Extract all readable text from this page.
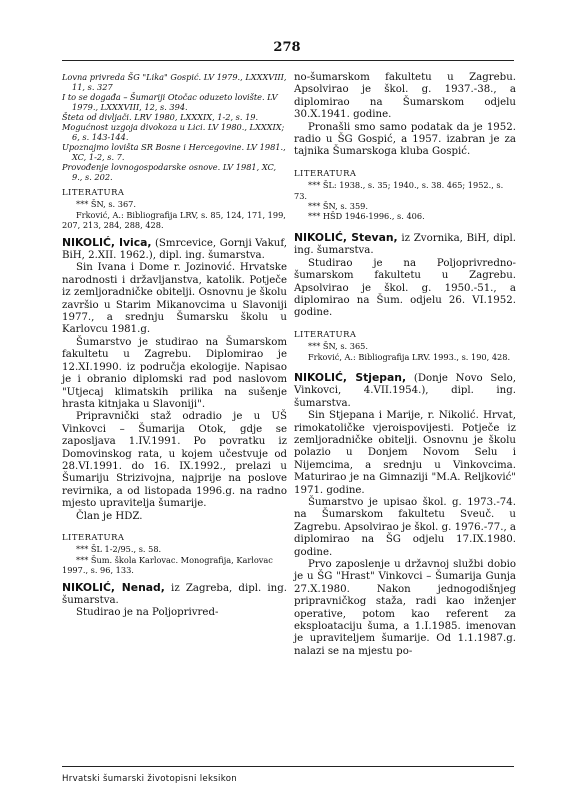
278

Lovna privreda ŠG "Lika" Gospić. LV 1979., LXXXVIII, 11, s. 327

I to se događa – Šumariji Otočac oduzeto lovište. LV 1979., LXXXVIII, 12, s. 394.

Šteta od divljači. LRV 1980, LXXXIX, 1-2, s. 19.

Mogućnost uzgoja divokoza u Lici. LV 1980., LXXXIX; 6, s. 143-144.

Upoznajmo lovišta SR Bosne i Hercegovine. LV 1981., XC, 1-2, s. 7.

Provođenje lovnogospodarske osnove. LV 1981, XC, 9., s. 202.

LITERATURA

*** ŠN, s. 367.

Frković, A.: Bibliografija LRV, s. 85, 124, 171, 199, 207, 213, 284, 288, 428.

NIKOLIĆ, Ivica, (Smrcevice, Gornji Vakuf, BiH, 2.XII. 1962.), dipl. ing. šumarstva.

Sin Ivana i Dome r. Jozinović. Hrvatske narodnosti i državljanstva, katolik. Potječe iz zemljoradničke obitelji. Osnovnu je školu završio u Starim Mikanovcima u Slavoniji 1977., a srednju Šumarsku školu u Karlovcu 1981.g.

Šumarstvo je studirao na Šumarskom fakultetu u Zagrebu. Diplomirao je 12.XI.1990. iz područja ekologije. Napisao je i obranio diplomski rad pod naslovom "Utjecaj klimatskih prilika na sušenje hrasta kitnjaka u Slavoniji".

Pripravnički staž odradio je u UŠ Vinkovci – Šumarija Otok, gdje se zaposljava 1.IV.1991. Po povratku iz Domovinskog rata, u kojem učestvuje od 28.VI.1991. do 16. IX.1992., prelazi u Šumariju Strizivojna, najprije na poslove revirnika, a od listopada 1996.g. na radno mjesto upravitelja šumarije.

Član je HDZ.

LITERATURA

*** ŠL 1-2/95., s. 58.

*** Šum. škola Karlovac. Monografija, Karlovac 1997., s. 96, 133.

NIKOLIĆ, Nenad, iz Zagreba, dipl. ing. šumarstva.

Studirao je na Poljoprivred-

no-šumarskom fakultetu u Zagrebu. Apsolvirao je škol. g. 1937.-38., a diplomirao na Šumarskom odjelu 30.X.1941. godine.

Pronašli smo samo podatak da je 1952. radio u ŠG Gospić, a 1957. izabran je za tajnika Šumarskoga kluba Gospić.

LITERATURA

*** ŠL: 1938., s. 35; 1940., s. 38. 465; 1952., s. 73.

*** ŠN, s. 359.

*** HŠD 1946-1996., s. 406.

NIKOLIĆ, Stevan, iz Zvornika, BiH, dipl. ing. šumarstva.

Studirao je na Poljoprivredno-šumarskom fakultetu u Zagrebu. Apsolvirao je škol. g. 1950.-51., a diplomirao na Šum. odjelu 26. VI.1952. godine.

LITERATURA

*** ŠN, s. 365.

Frković, A.: Bibliografija LRV. 1993., s. 190, 428.

NIKOLIĆ, Stjepan, (Donje Novo Selo, Vinkovci, 4.VII.1954.), dipl. ing. šumarstva.

Sin Stjepana i Marije, r. Nikolić. Hrvat, rimokatoličke vjeroispovijesti. Potječe iz zemljoradničke obitelji. Osnovnu je školu polazio u Donjem Novom Selu i Nijemcima, a srednju u Vinkovcima. Maturirao je na Gimnaziji "M.A. Reljković" 1971. godine.

Šumarstvo je upisao škol. g. 1973.-74. na Šumarskom fakultetu Sveuč. u Zagrebu. Apsolvirao je škol. g. 1976.-77., a diplomirao na ŠG odjelu 17.IX.1980. godine.

Prvo zaposlenje u državnoj službi dobio je u ŠG "Hrast" Vinkovci – Šumarija Gunja 27.X.1980. Nakon jednogodišnjeg pripravničkog staža, radi kao inženjer operative, potom kao referent za eksploataciju šuma, a 1.I.1985. imenovan je upraviteljem šumarije. Od 1.1.1987.g. nalazi se na mjestu po-

Hrvatski šumarski životopisni leksikon
